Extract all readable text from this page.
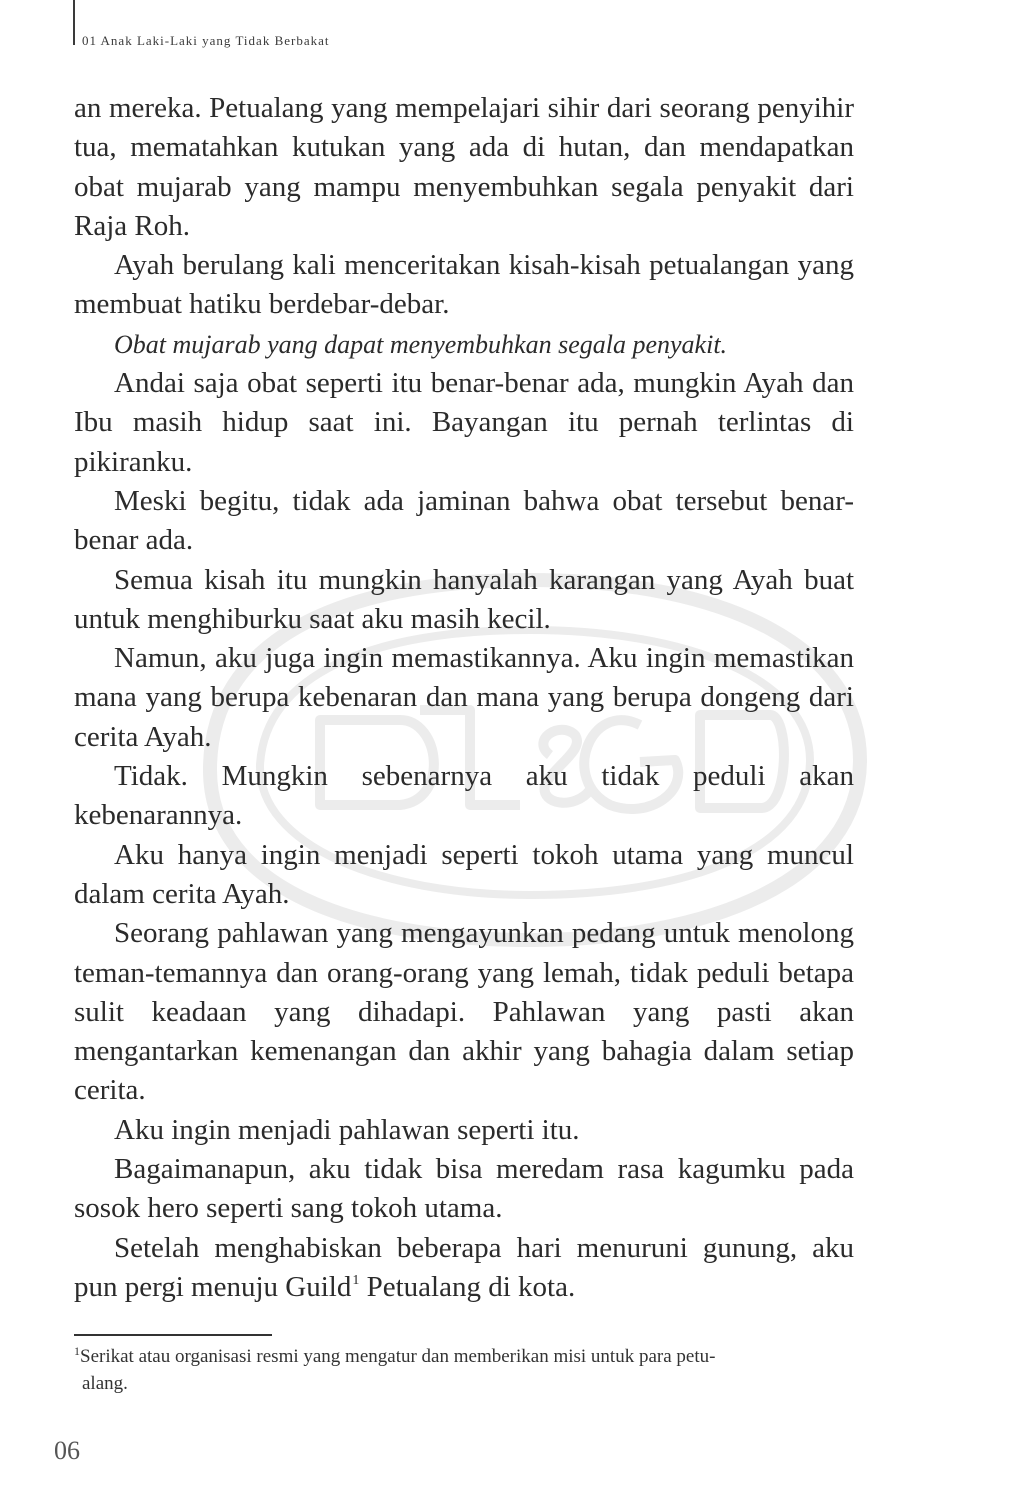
01 Anak Laki-Laki yang Tidak Berbakat

an mereka. Petualang yang mempelajari sihir dari seorang penyihir tua, mematahkan kutukan yang ada di hutan, dan mendapatkan obat mujarab yang mampu menyembuhkan segala penyakit dari Raja Roh.

Ayah berulang kali menceritakan kisah-kisah petualangan yang membuat hatiku berdebar-debar.

Obat mujarab yang dapat menyembuhkan segala penyakit.

Andai saja obat seperti itu benar-benar ada, mungkin Ayah dan Ibu masih hidup saat ini. Bayangan itu pernah terlintas di pikiranku.

Meski begitu, tidak ada jaminan bahwa obat tersebut benar-benar ada.

Semua kisah itu mungkin hanyalah karangan yang Ayah buat untuk menghiburku saat aku masih kecil.

Namun, aku juga ingin memastikannya. Aku ingin memastikan mana yang berupa kebenaran dan mana yang berupa dongeng dari cerita Ayah.

Tidak. Mungkin sebenarnya aku tidak peduli akan kebenarannya.

Aku hanya ingin menjadi seperti tokoh utama yang muncul dalam cerita Ayah.

Seorang pahlawan yang mengayunkan pedang untuk menolong teman-temannya dan orang-orang yang lemah, tidak peduli betapa sulit keadaan yang dihadapi. Pahlawan yang pasti akan mengantarkan kemenangan dan akhir yang bahagia dalam setiap cerita.

Aku ingin menjadi pahlawan seperti itu.

Bagaimanapun, aku tidak bisa meredam rasa kagumku pada sosok hero seperti sang tokoh utama.

Setelah menghabiskan beberapa hari menuruni gunung, aku pun pergi menuju Guild$^1$ Petualang di kota.

$^1$Serikat atau organisasi resmi yang mengatur dan memberikan misi untuk para petu-
alang.
06
